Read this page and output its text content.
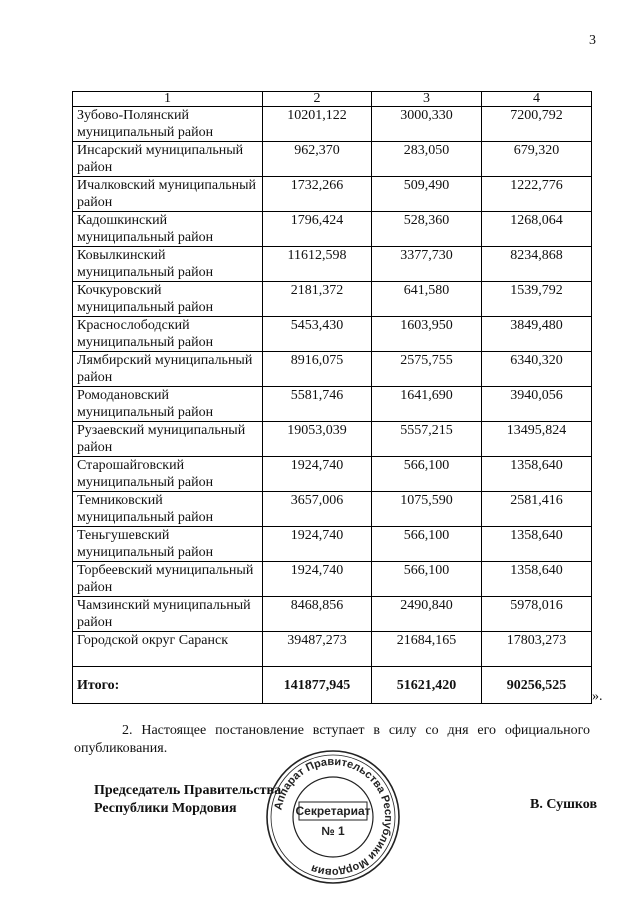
3
1	2	3	4
Зубово-Полянский муниципальный район	10201,122	3000,330	7200,792
Инсарский муниципальный район	962,370	283,050	679,320
Ичалковский муниципальный район	1732,266	509,490	1222,776
Кадошкинский муниципальный район	1796,424	528,360	1268,064
Ковылкинский муниципальный район	11612,598	3377,730	8234,868
Кочкуровский муниципальный район	2181,372	641,580	1539,792
Краснослободский муниципальный район	5453,430	1603,950	3849,480
Лямбирский муниципальный район	8916,075	2575,755	6340,320
Ромодановский муниципальный район	5581,746	1641,690	3940,056
Рузаевский муниципальный район	19053,039	5557,215	13495,824
Старошайговский муниципальный район	1924,740	566,100	1358,640
Темниковский муниципальный район	3657,006	1075,590	2581,416
Теньгушевский муниципальный район	1924,740	566,100	1358,640
Торбеевский муниципальный район	1924,740	566,100	1358,640
Чамзинский муниципальный район	8468,856	2490,840	5978,016
Городской округ Саранск	39487,273	21684,165	17803,273
Итого:	141877,945	51621,420	90256,525
».
2. Настоящее постановление вступает в силу со дня его официального опубликования.
Председатель Правительства
Республики Мордовия	В. Сушков
Аппарат Правительства Республики Мордовия
Секретариат
№ 1
